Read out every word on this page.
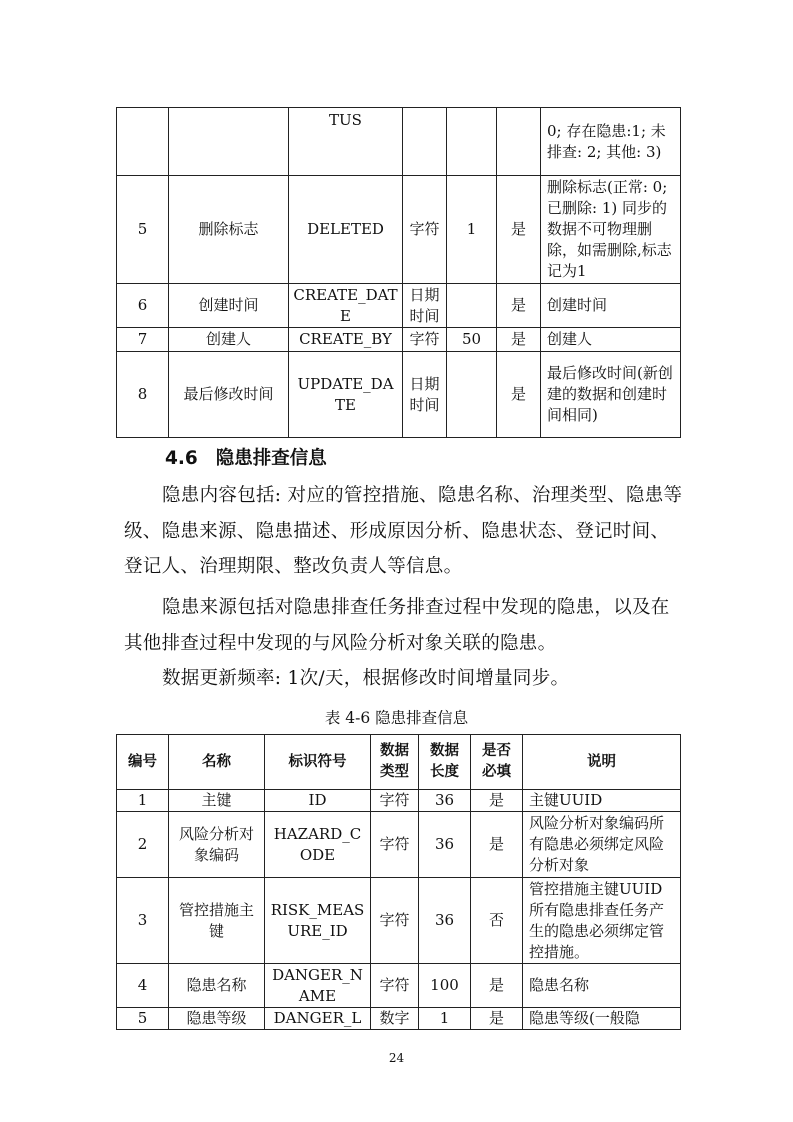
		TUS				0; 存在隐患:1; 未排查: 2; 其他: 3)
5	删除标志	DELETED	字符	1	是	删除标志(正常: 0; 已删除: 1) 同步的数据不可物理删除，如需删除,标志记为1
6	创建时间	CREATE_DATE	日期时间		是	创建时间
7	创建人	CREATE_BY	字符	50	是	创建人
8	最后修改时间	UPDATE_DATE	日期时间		是	最后修改时间(新创建的数据和创建时间相同)
4.6 隐患排查信息

隐患内容包括: 对应的管控措施、隐患名称、治理类型、隐患等级、隐患来源、隐患描述、形成原因分析、隐患状态、登记时间、登记人、治理期限、整改负责人等信息。

隐患来源包括对隐患排查任务排查过程中发现的隐患，以及在其他排查过程中发现的与风险分析对象关联的隐患。

数据更新频率: 1次/天，根据修改时间增量同步。

表 4-6 隐患排查信息
编号	名称	标识符号	数据类型	数据长度	是否必填	说明
1	主键	ID	字符	36	是	主键UUID
2	风险分析对象编码	HAZARD_CODE	字符	36	是	风险分析对象编码所有隐患必须绑定风险分析对象
3	管控措施主键	RISK_MEASURE_ID	字符	36	否	管控措施主键UUID所有隐患排查任务产生的隐患必须绑定管控措施。
4	隐患名称	DANGER_NAME	字符	100	是	隐患名称
5	隐患等级	DANGER_L	数字	1	是	隐患等级(一般隐
24
